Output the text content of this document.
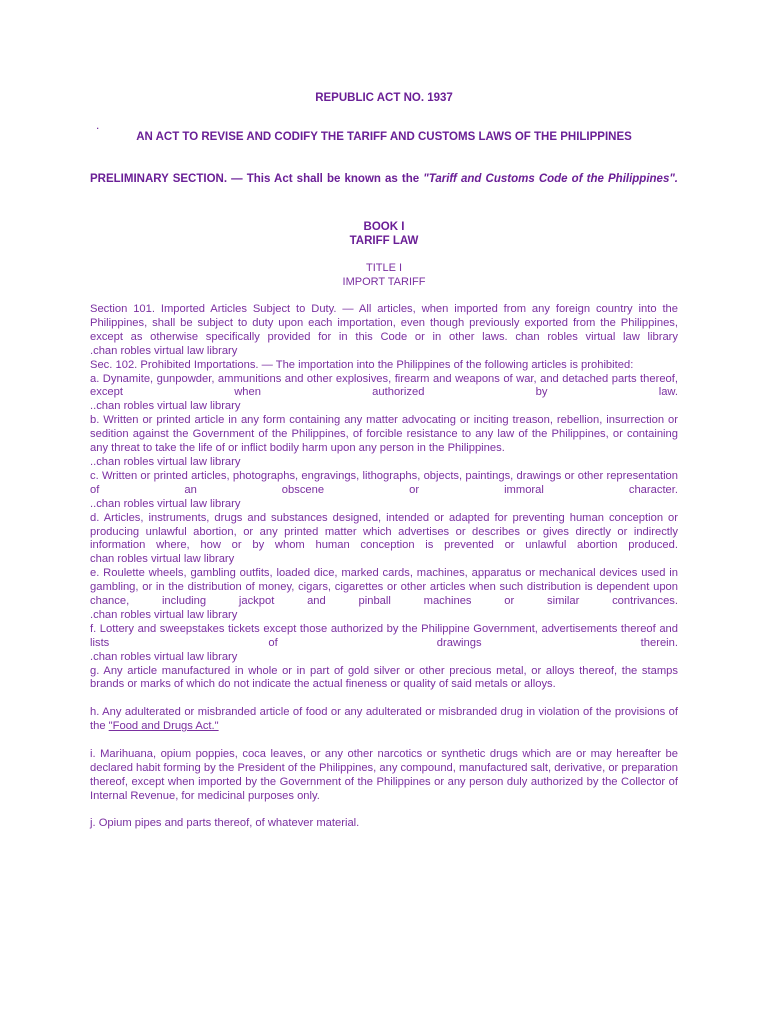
REPUBLIC ACT NO. 1937
.
AN ACT TO REVISE AND CODIFY THE TARIFF AND CUSTOMS LAWS OF THE PHILIPPINES
PRELIMINARY SECTION. — This Act shall be known as the "Tariff and Customs Code of the Philippines".
BOOK I
TARIFF LAW
TITLE I
IMPORT TARIFF

Section 101. Imported Articles Subject to Duty. — All articles, when imported from any foreign country into the Philippines, shall be subject to duty upon each importation, even though previously exported from the Philippines, except as otherwise specifically provided for in this Code or in other laws. chan robles virtual law library

.chan robles virtual law library

Sec. 102. Prohibited Importations. — The importation into the Philippines of the following articles is prohibited:

a. Dynamite, gunpowder, ammunitions and other explosives, firearm and weapons of war, and detached parts thereof, except when authorized by law.

..chan robles virtual law library

b. Written or printed article in any form containing any matter advocating or inciting treason, rebellion, insurrection or sedition against the Government of the Philippines, of forcible resistance to any law of the Philippines, or containing any threat to take the life of or inflict bodily harm upon any person in the Philippines.

..chan robles virtual law library

c. Written or printed articles, photographs, engravings, lithographs, objects, paintings, drawings or other representation of an obscene or immoral character.

..chan robles virtual law library

d. Articles, instruments, drugs and substances designed, intended or adapted for preventing human conception or producing unlawful abortion, or any printed matter which advertises or describes or gives directly or indirectly information where, how or by whom human conception is prevented or unlawful abortion produced.

chan robles virtual law library

e. Roulette wheels, gambling outfits, loaded dice, marked cards, machines, apparatus or mechanical devices used in gambling, or in the distribution of money, cigars, cigarettes or other articles when such distribution is dependent upon chance, including jackpot and pinball machines or similar contrivances.

.chan robles virtual law library

f. Lottery and sweepstakes tickets except those authorized by the Philippine Government, advertisements thereof and lists of drawings therein.

.chan robles virtual law library

g. Any article manufactured in whole or in part of gold silver or other precious metal, or alloys thereof, the stamps brands or marks of which do not indicate the actual fineness or quality of said metals or alloys.

h. Any adulterated or misbranded article of food or any adulterated or misbranded drug in violation of the provisions of the "Food and Drugs Act."

i. Marihuana, opium poppies, coca leaves, or any other narcotics or synthetic drugs which are or may hereafter be declared habit forming by the President of the Philippines, any compound, manufactured salt, derivative, or preparation thereof, except when imported by the Government of the Philippines or any person duly authorized by the Collector of Internal Revenue, for medicinal purposes only.

j. Opium pipes and parts thereof, of whatever material.
